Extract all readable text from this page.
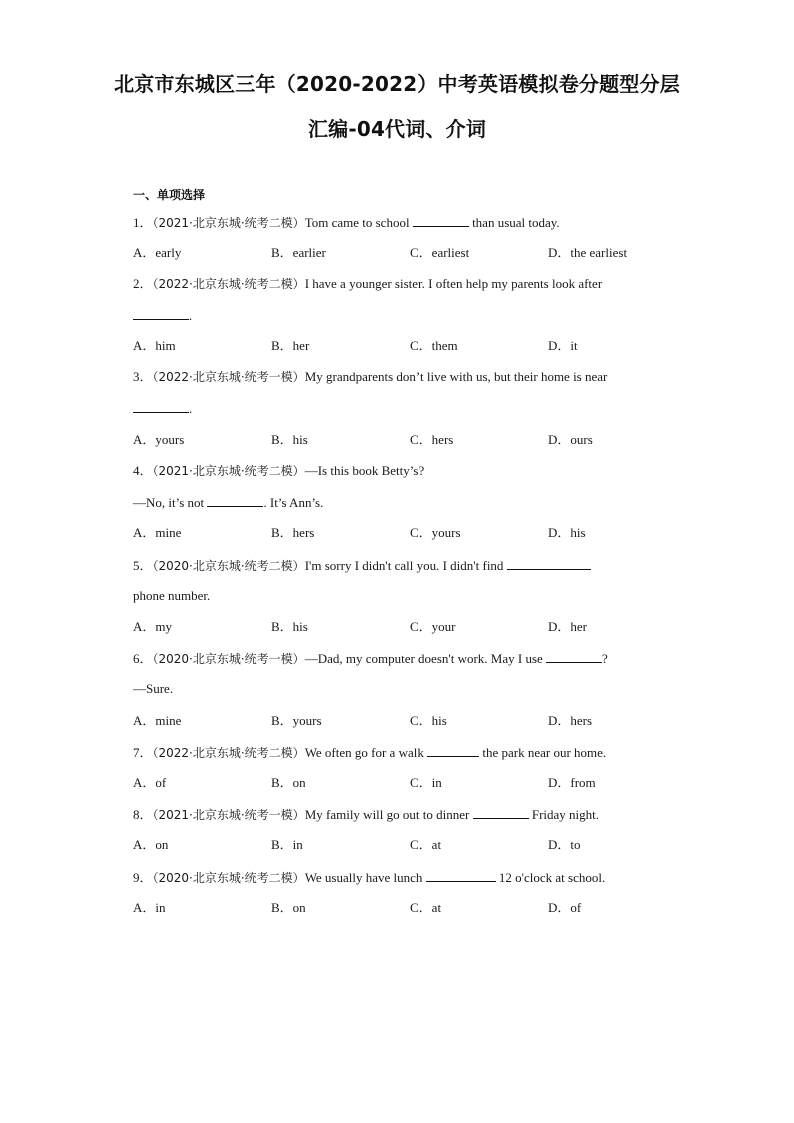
北京市东城区三年（2020-2022）中考英语模拟卷分题型分层
汇编-04代词、介词
一、单项选择
1．（2021·北京东城·统考二模）Tom came to school	than usual today.
A．early	B．earlier	C．earliest	D．the earliest
2．（2022·北京东城·统考二模）I have a younger sister. I often help my parents look after
.
A．him	B．her	C．them	D．it
3．（2022·北京东城·统考一模）My grandparents don’t live with us, but their home is near
.
A．yours	B．his	C．hers	D．ours
4．（2021·北京东城·统考二模）—Is this book Betty’s?
—No, it’s not	. It’s Ann’s.
A．mine	B．hers	C．yours	D．his
5．（2020·北京东城·统考二模）I'm sorry I didn't call you. I didn't find
phone number.
A．my	B．his	C．your	D．her
6．（2020·北京东城·统考一模）—Dad, my computer doesn't work. May I use	?
—Sure.
A．mine	B．yours	C．his	D．hers
7．（2022·北京东城·统考二模）We often go for a walk	the park near our home.
A．of	B．on	C．in	D．from
8．（2021·北京东城·统考一模）My family will go out to dinner	Friday night.
A．on	B．in	C．at	D．to
9．（2020·北京东城·统考二模）We usually have lunch	12 o'clock at school.
A．in	B．on	C．at	D．of
